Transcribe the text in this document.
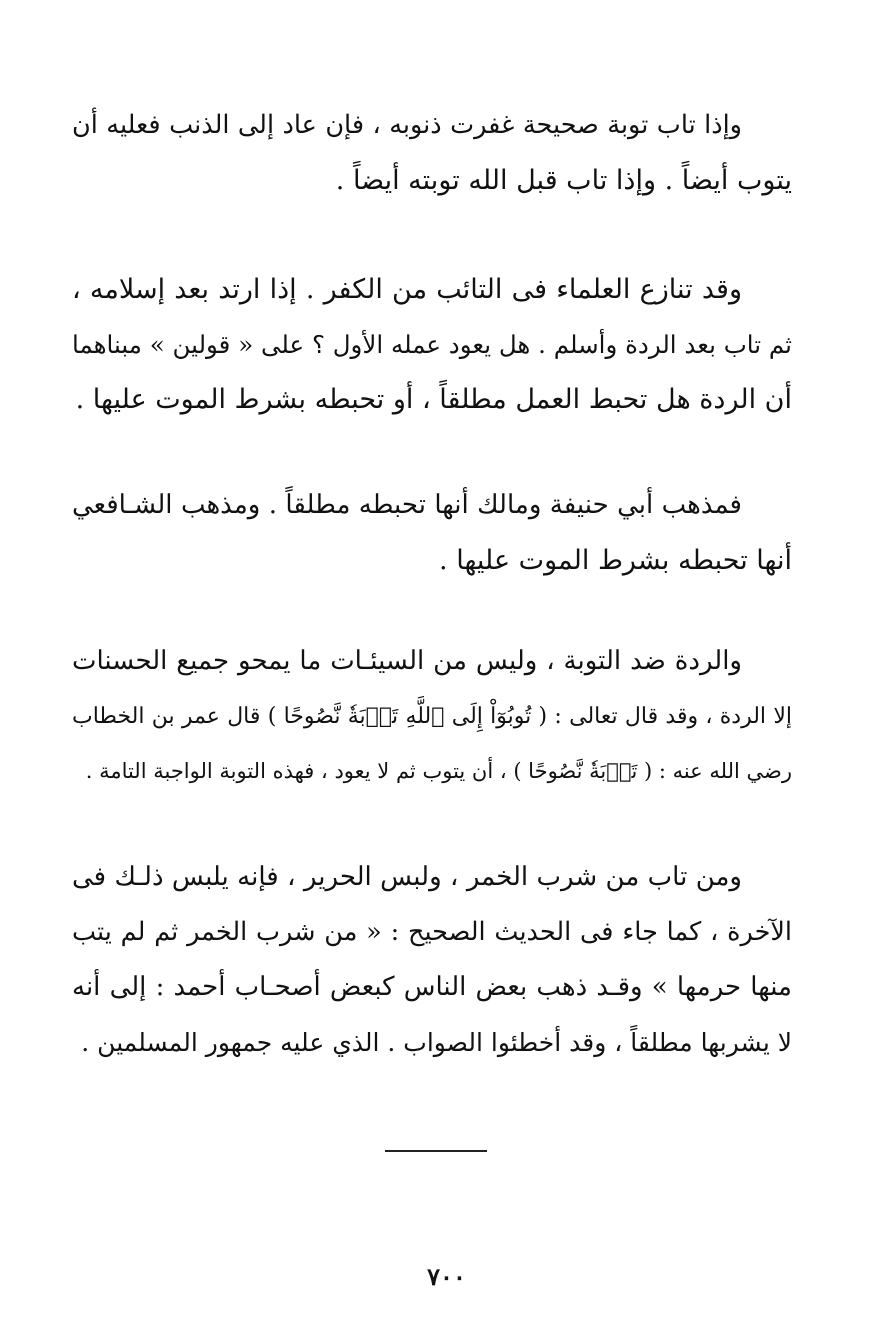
وإذا تاب توبة صحيحة غفرت ذنوبه ، فإن عاد إلى الذنب فعليه أن
يتوب أيضاً . وإذا تاب قبل الله توبته أيضاً .
وقد تنازع العلماء فى التائب من الكفر . إذا ارتد بعد إسلامه ،
ثم تاب بعد الردة وأسلم . هل يعود عمله الأول ؟ على « قولين » مبناهما
أن الردة هل تحبط العمل مطلقاً ، أو تحبطه بشرط الموت عليها .
فمذهب أبي حنيفة ومالك أنها تحبطه مطلقاً . ومذهب الشـافعي
أنها تحبطه بشرط الموت عليها .
والردة ضد التوبة ، وليس من السيئـات ما يمحو جميع الحسنات
إلا الردة ، وقد قال تعالى : ( تُوبُوٓاْ إِلَى ٱللَّهِ تَوۡبَةٗ نَّصُوحًا ) قال عمر بن الخطاب
رضي الله عنه : ( تَوۡبَةٗ نَّصُوحًا ) ، أن يتوب ثم لا يعود ، فهذه التوبة الواجبة التامة .
ومن تاب من شرب الخمر ، ولبس الحرير ، فإنه يلبس ذلـك فى
الآخرة ، كما جاء فى الحديث الصحيح : « من شرب الخمر ثم لم يتب
منها حرمها » وقـد ذهب بعض الناس كبعض أصحـاب أحمد : إلى أنه
لا يشربها مطلقاً ، وقد أخطئوا الصواب . الذي عليه جمهور المسلمين .
٧٠٠
